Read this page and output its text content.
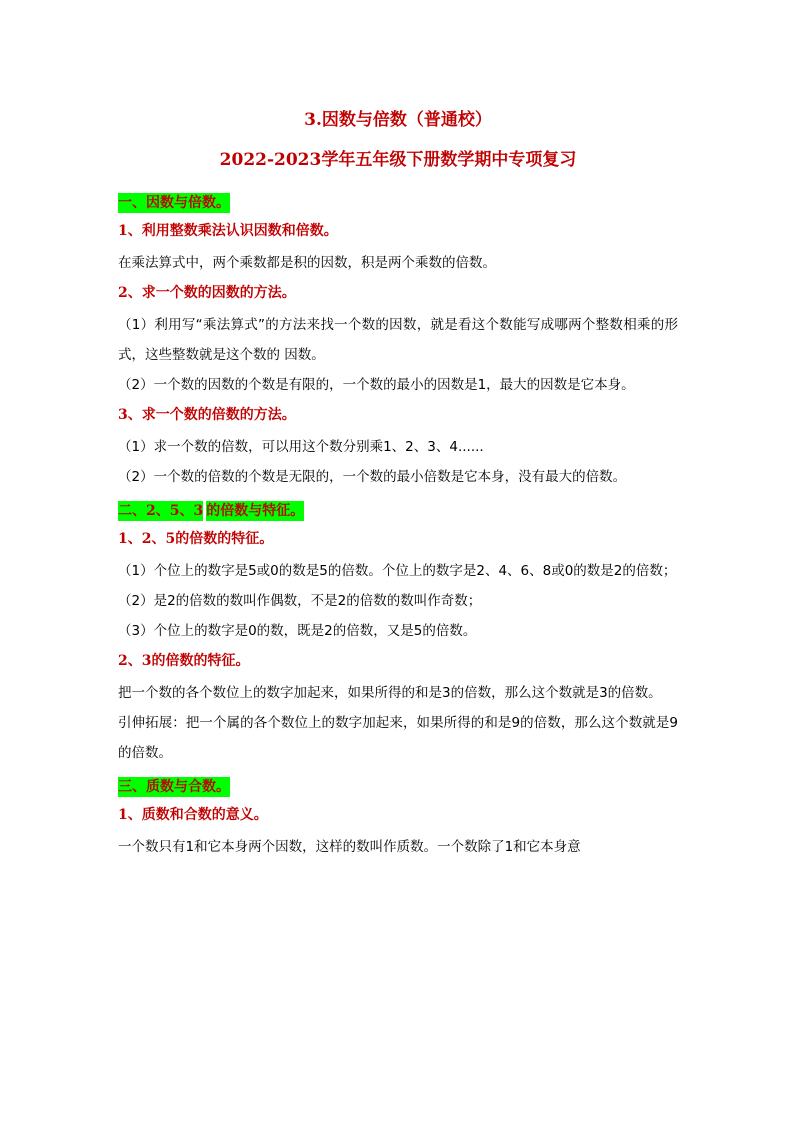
3.因数与倍数（普通校）
2022-2023学年五年级下册数学期中专项复习
一、因数与倍数。

1、利用整数乘法认识因数和倍数。

在乘法算式中，两个乘数都是积的因数，积是两个乘数的倍数。

2、求一个数的因数的方法。

（1）利用写“乘法算式”的方法来找一个数的因数，就是看这个数能写成哪两个整数相乘的形式，这些整数就是这个数的 因数。

（2）一个数的因数的个数是有限的，一个数的最小的因数是1，最大的因数是它本身。

3、求一个数的倍数的方法。

（1）求一个数的倍数，可以用这个数分别乘1、2、3、4......

（2）一个数的倍数的个数是无限的，一个数的最小倍数是它本身，没有最大的倍数。

二、2、5、3 的倍数与特征。

1、2、5的倍数的特征。

（1）个位上的数字是5或0的数是5的倍数。个位上的数字是2、4、6、8或0的数是2的倍数；

（2）是2的倍数的数叫作偶数，不是2的倍数的数叫作奇数；

（3）个位上的数字是0的数，既是2的倍数，又是5的倍数。

2、3的倍数的特征。

把一个数的各个数位上的数字加起来，如果所得的和是3的倍数，那么这个数就是3的倍数。

引伸拓展：把一个属的各个数位上的数字加起来，如果所得的和是9的倍数，那么这个数就是9的倍数。

三、质数与合数。

1、质数和合数的意义。

一个数只有1和它本身两个因数，这样的数叫作质数。一个数除了1和它本身意
